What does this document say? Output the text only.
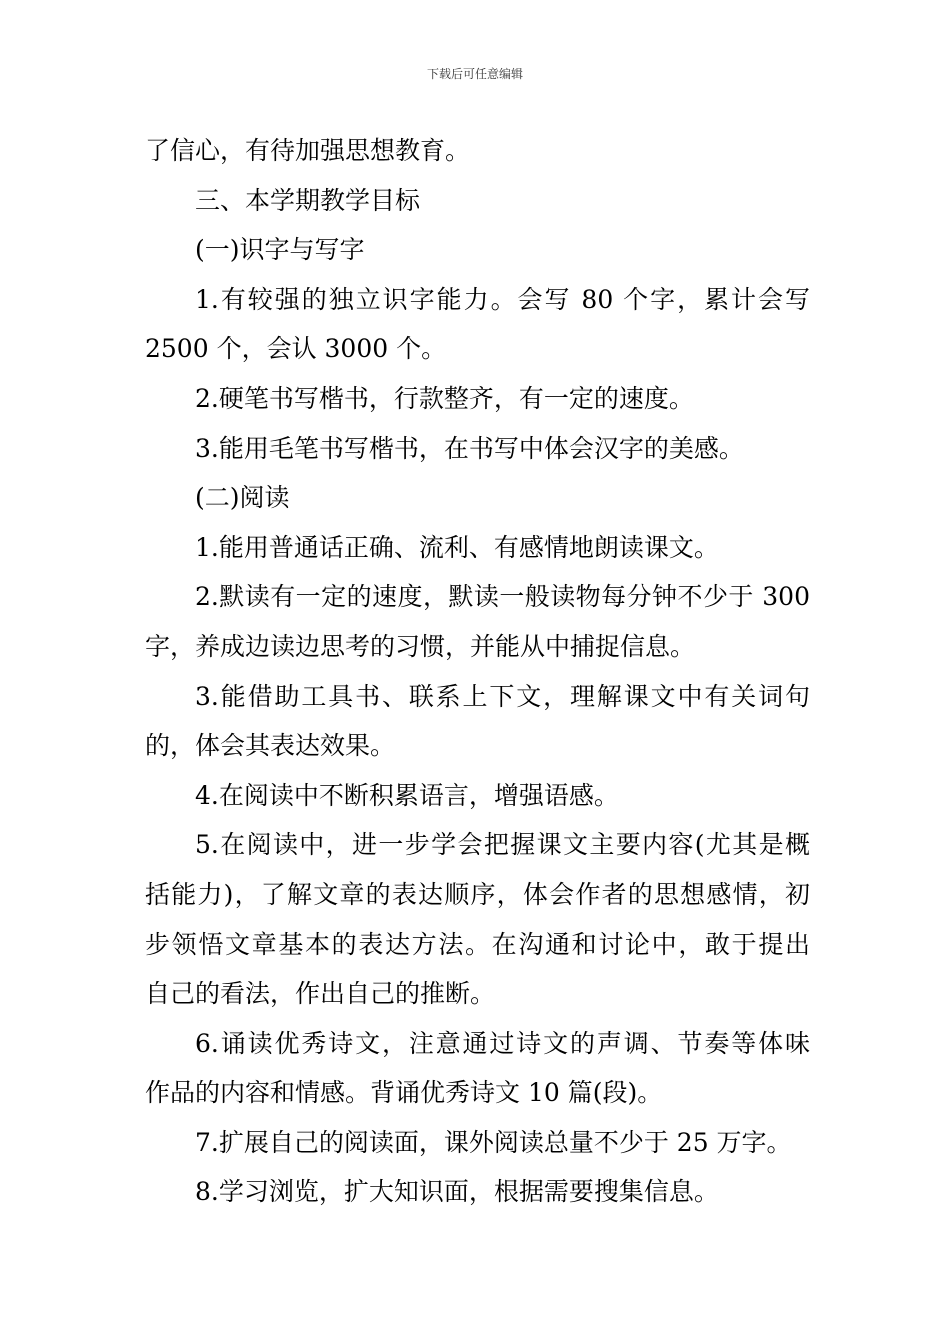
下载后可任意编辑
了信心，有待加强思想教育。
三、本学期教学目标
(一)识字与写字
1.有较强的独立识字能力。会写 80 个字，累计会写
2500 个，会认 3000 个。
2.硬笔书写楷书，行款整齐，有一定的速度。
3.能用毛笔书写楷书，在书写中体会汉字的美感。
(二)阅读
1.能用普通话正确、流利、有感情地朗读课文。
2.默读有一定的速度，默读一般读物每分钟不少于 300
字，养成边读边思考的习惯，并能从中捕捉信息。
3.能借助工具书、联系上下文，理解课文中有关词句
的，体会其表达效果。
4.在阅读中不断积累语言，增强语感。
5.在阅读中，进一步学会把握课文主要内容(尤其是概
括能力)，了解文章的表达顺序，体会作者的思想感情，初
步领悟文章基本的表达方法。在沟通和讨论中，敢于提出
自己的看法，作出自己的推断。
6.诵读优秀诗文，注意通过诗文的声调、节奏等体味
作品的内容和情感。背诵优秀诗文 10 篇(段)。
7.扩展自己的阅读面，课外阅读总量不少于 25 万字。
8.学习浏览，扩大知识面，根据需要搜集信息。
